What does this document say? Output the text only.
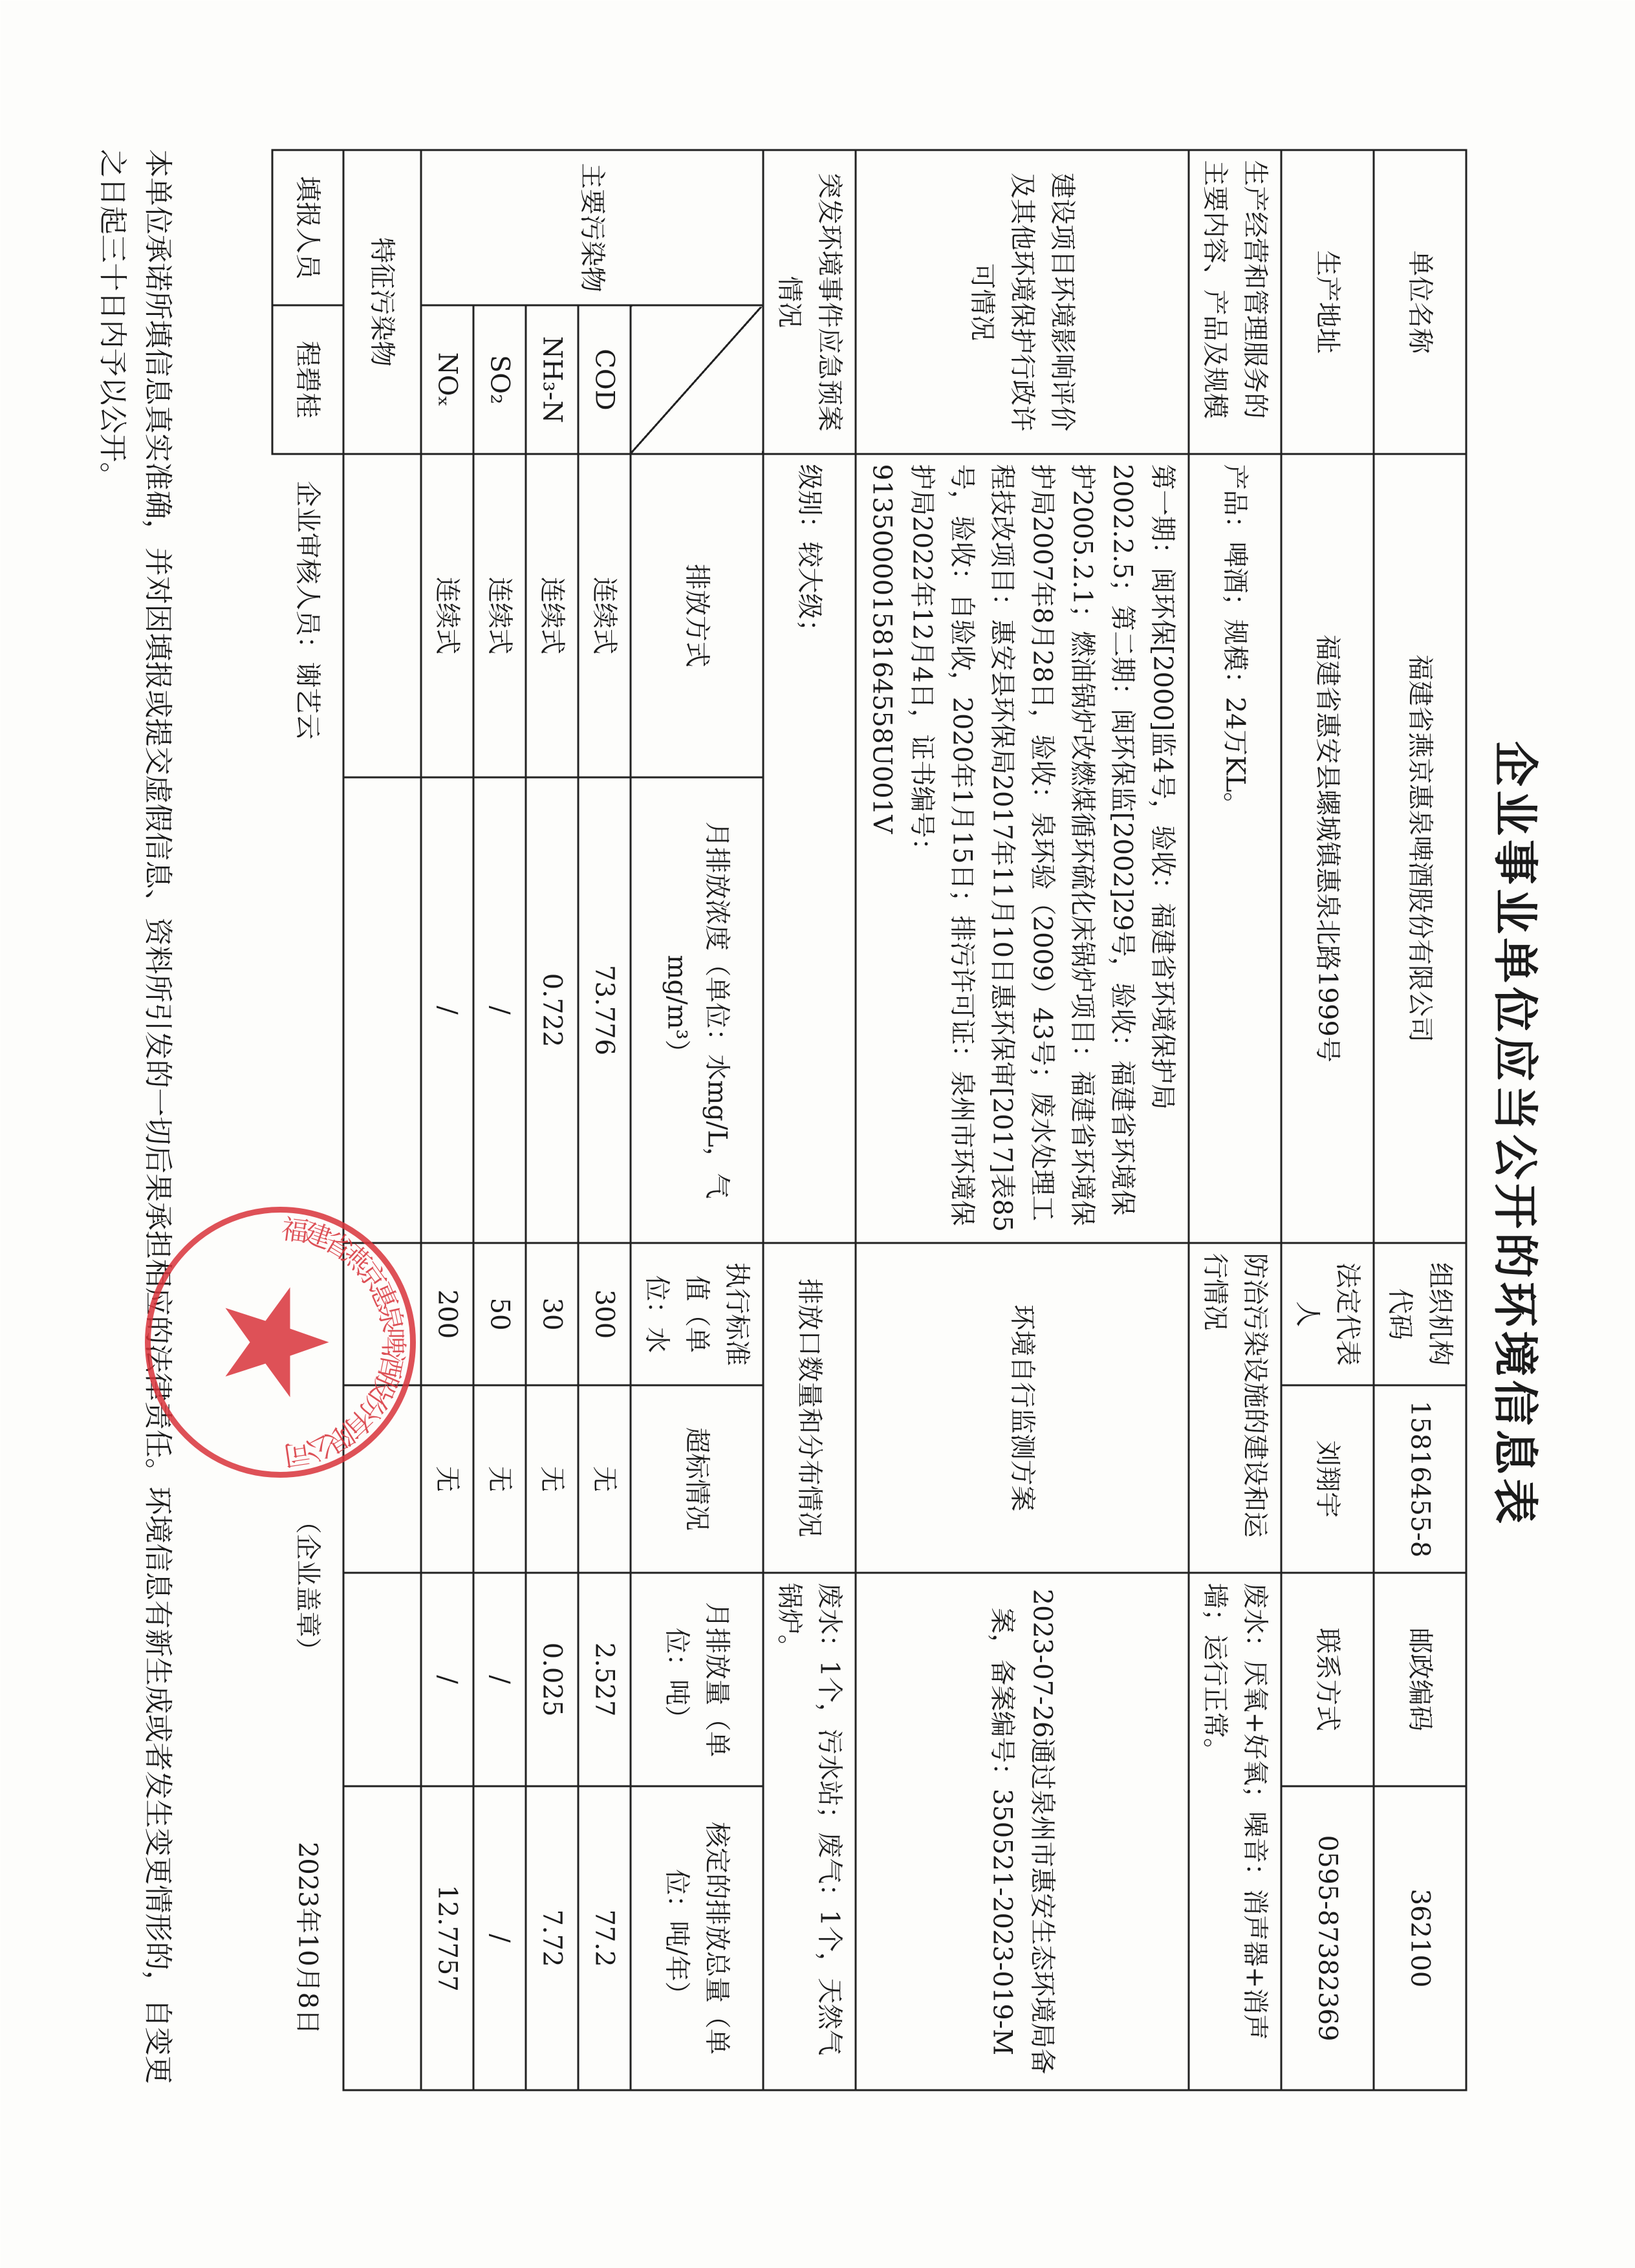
企业事业单位应当公开的环境信息表
单位名称		福建省燕京惠泉啤酒股份有限公司		组织机构代码	15816455-8	邮政编码	362100
生产地址		福建省惠安县螺城镇惠泉北路1999号		法定代表人	刘翔宇	联系方式	0595-87382369
生产经营和管理服务的主要内容、产品及规模		产品：啤酒；规模：24万KL。		防治污染设施的建设和运行情况		废水：厌氧+好氧；噪音：消声器+消声墙；运行正常。	
建设项目环境影响评价及其他环境保护行政许可情况		第一期：闽环保[2000]监4号，验收：福建省环境保护局2002.2.5；第二期：闽环保监[2002]29号，验收：福建省环境保护2005.2.1；燃油锅炉改燃煤循环硫化床锅炉项目：福建省环境保护局2007年8月28日，验收：泉环验（2009）43号；废水处理工程技改项目：惠安县环保局2017年11月10日惠环保审[2017]表85号，验收：自验收，2020年1月15日；排污许可证：泉州市环境保护局2022年12月4日，证书编号：91350000158164558U001V		环境自行监测方案		2023-07-26通过泉州市惠安生态环境局备案，备案编号：350521-2023-019-M	
突发环境事件应急预案情况		级别：较大级；		排放口数量和分布情况		废水：1个，污水站；废气：1个，天然气锅炉。	
主要污染物		排放方式	月排放浓度（单位：水mg/L，气mg/m³）	执行标准值（单位：水	超标情况	月排放量（单位：吨）	核定的排放总量（单位：吨/年）
	COD	连续式	73.776	300	无	2.527	77.2
	NH₃-N	连续式	0.722	30	无	0.025	7.72
	SO₂	连续式	/	50	无	/	/
	NOₓ	连续式	/	200	无	/	12.7757
特征污染物							
填报人员	程碧桂	企业审核人员：谢艺云			（企业盖章）		2023年10月8日
本单位承诺所填信息真实准确，并对因填报或提交虚假信息、资料所引发的一切后果承担相应的法律责任。环境信息有新生成或者发生变更情形的，自变更之日起三十日内予以公开。
福建省燕京惠泉啤酒股份有限公司
